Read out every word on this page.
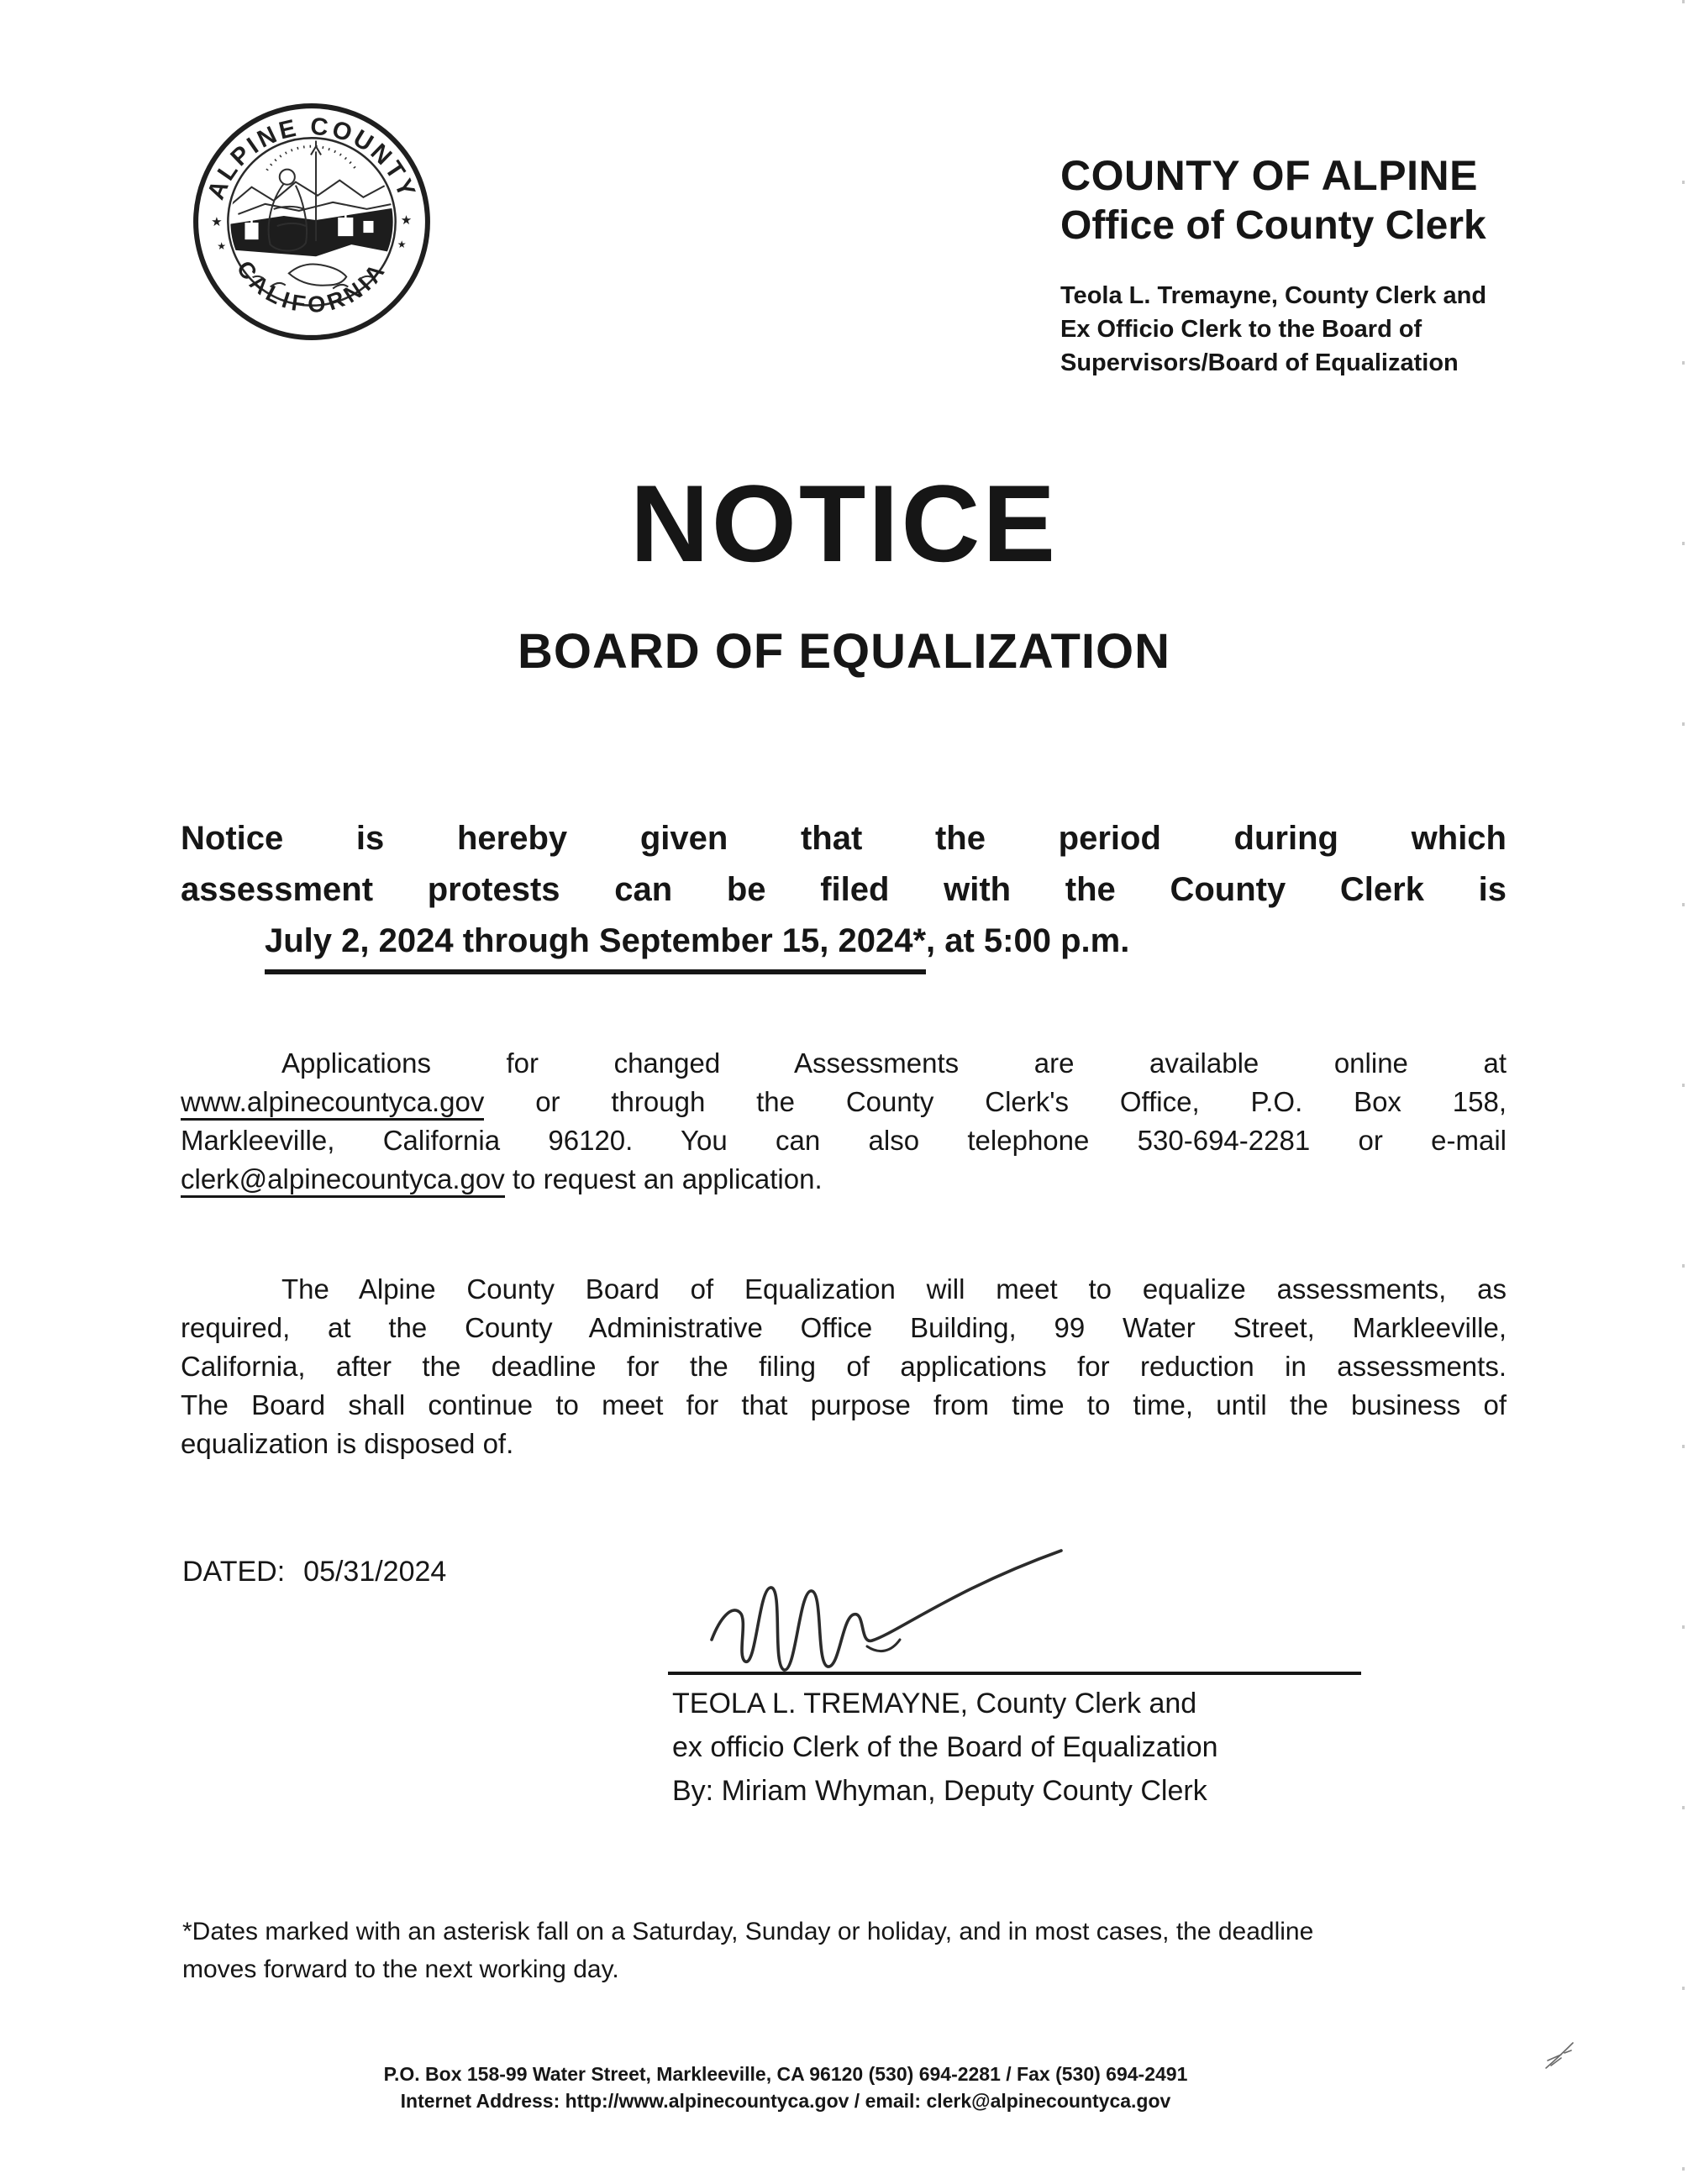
ALPINE COUNTY
CALIFORNIA
★
★
★
★
COUNTY OF ALPINE
Office of County Clerk
Teola L. Tremayne, County Clerk and
Ex Officio Clerk to the Board of
Supervisors/Board of Equalization
NOTICE
BOARD OF EQUALIZATION
Notice is hereby given that the period during which
assessment protests can be filed with the County Clerk is
July 2, 2024 through September 15, 2024*, at 5:00 p.m.
Applications for changed Assessments are available online at
www.alpinecountyca.gov or through the County Clerk's Office, P.O. Box 158,
Markleeville, California 96120. You can also telephone 530-694-2281 or e-mail
clerk@alpinecountyca.gov to request an application.
The Alpine County Board of Equalization will meet to equalize assessments, as
required, at the County Administrative Office Building, 99 Water Street, Markleeville,
California, after the deadline for the filing of applications for reduction in assessments.
The Board shall continue to meet for that purpose from time to time, until the business of
equalization is disposed of.
DATED: 05/31/2024
TEOLA L. TREMAYNE, County Clerk and
ex officio Clerk of the Board of Equalization
By: Miriam Whyman, Deputy County Clerk
*Dates marked with an asterisk fall on a Saturday, Sunday or holiday, and in most cases, the deadline
moves forward to the next working day.
P.O. Box 158-99 Water Street, Markleeville, CA 96120 (530) 694-2281 / Fax (530) 694-2491
Internet Address: http://www.alpinecountyca.gov / email: clerk@alpinecountyca.gov
